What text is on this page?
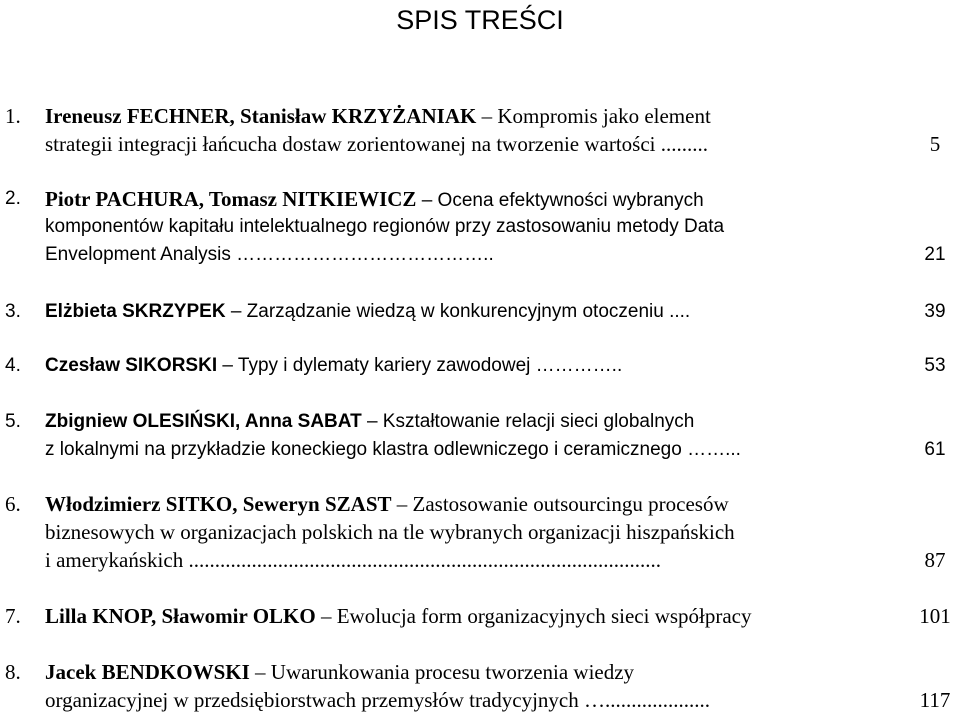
SPIS TREŚCI
1. Ireneusz FECHNER, Stanisław KRZYŻANIAK – Kompromis jako element
strategii integracji łańcucha dostaw zorientowanej na tworzenie wartości .........	5
2. Piotr PACHURA, Tomasz NITKIEWICZ – Ocena efektywności wybranych
komponentów kapitału intelektualnego regionów przy zastosowaniu metody Data
Envelopment Analysis …………………………………..	21
3. Elżbieta SKRZYPEK – Zarządzanie wiedzą w konkurencyjnym otoczeniu ....	39
4. Czesław SIKORSKI – Typy i dylematy kariery zawodowej …………..	53
5. Zbigniew OLESIŃSKI, Anna SABAT – Kształtowanie relacji sieci globalnych
z lokalnymi na przykładzie koneckiego klastra odlewniczego i ceramicznego ……...	61
6. Włodzimierz SITKO, Seweryn SZAST – Zastosowanie outsourcingu procesów
biznesowych w organizacjach polskich na tle wybranych organizacji hiszpańskich
i amerykańskich ..........................................................................................	87
7. Lilla KNOP, Sławomir OLKO – Ewolucja form organizacyjnych sieci współpracy	101
8. Jacek BENDKOWSKI – Uwarunkowania procesu tworzenia wiedzy
organizacyjnej w przedsiębiorstwach przemysłów tradycyjnych …....................	117
